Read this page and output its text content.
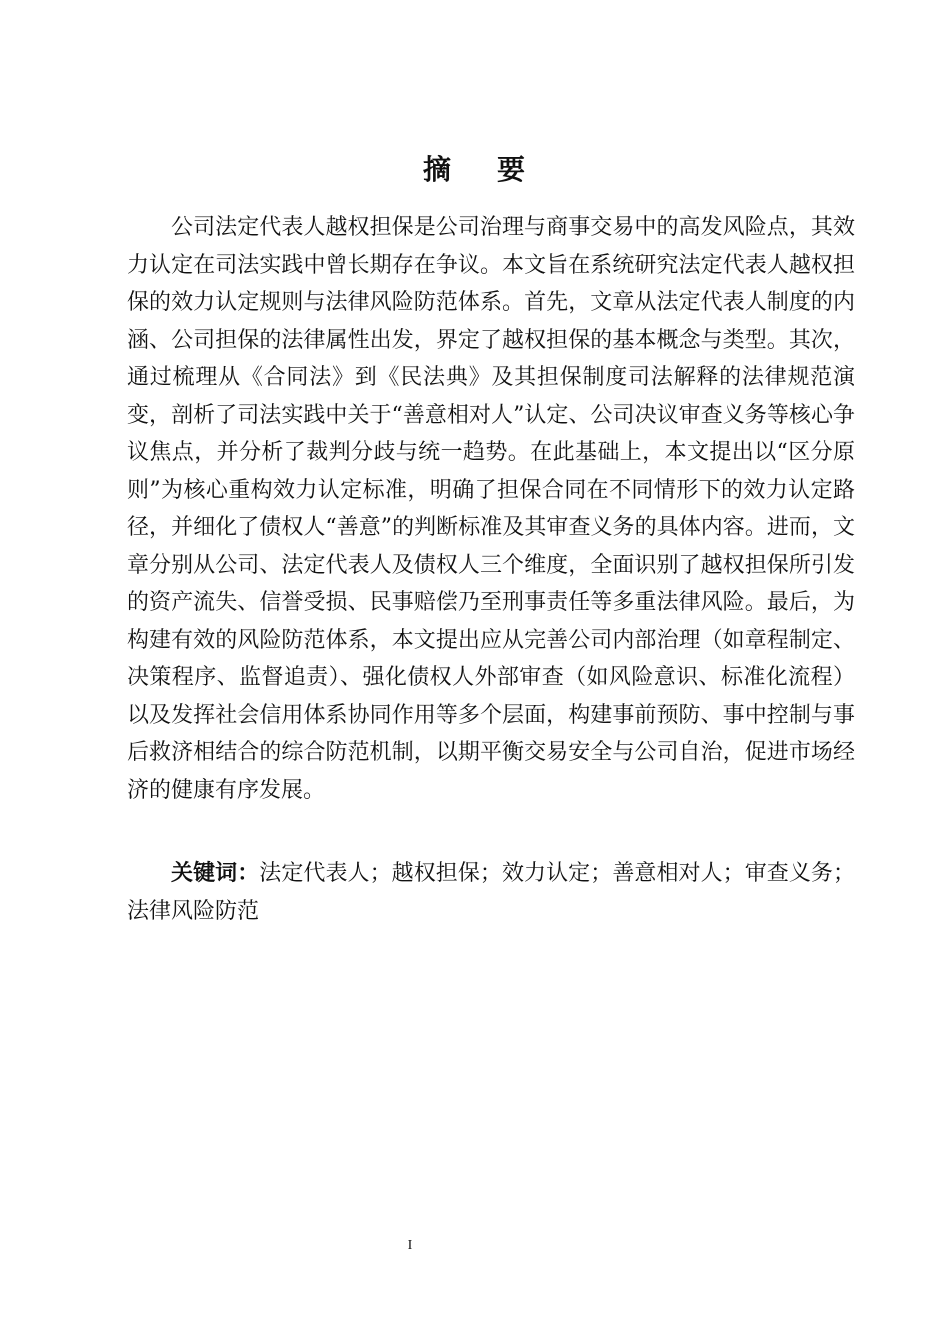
摘 要

公司法定代表人越权担保是公司治理与商事交易中的高发风险点，其效力认定在司法实践中曾长期存在争议。本文旨在系统研究法定代表人越权担保的效力认定规则与法律风险防范体系。首先，文章从法定代表人制度的内涵、公司担保的法律属性出发，界定了越权担保的基本概念与类型。其次，通过梳理从《合同法》到《民法典》及其担保制度司法解释的法律规范演变，剖析了司法实践中关于“善意相对人”认定、公司决议审查义务等核心争议焦点，并分析了裁判分歧与统一趋势。在此基础上，本文提出以“区分原则”为核心重构效力认定标准，明确了担保合同在不同情形下的效力认定路径，并细化了债权人“善意”的判断标准及其审查义务的具体内容。进而，文章分别从公司、法定代表人及债权人三个维度，全面识别了越权担保所引发的资产流失、信誉受损、民事赔偿乃至刑事责任等多重法律风险。最后，为构建有效的风险防范体系，本文提出应从完善公司内部治理（如章程制定、决策程序、监督追责）、强化债权人外部审查（如风险意识、标准化流程）以及发挥社会信用体系协同作用等多个层面，构建事前预防、事中控制与事后救济相结合的综合防范机制，以期平衡交易安全与公司自治，促进市场经济的健康有序发展。

关键词：法定代表人；越权担保；效力认定；善意相对人；审查义务；法律风险防范

I
